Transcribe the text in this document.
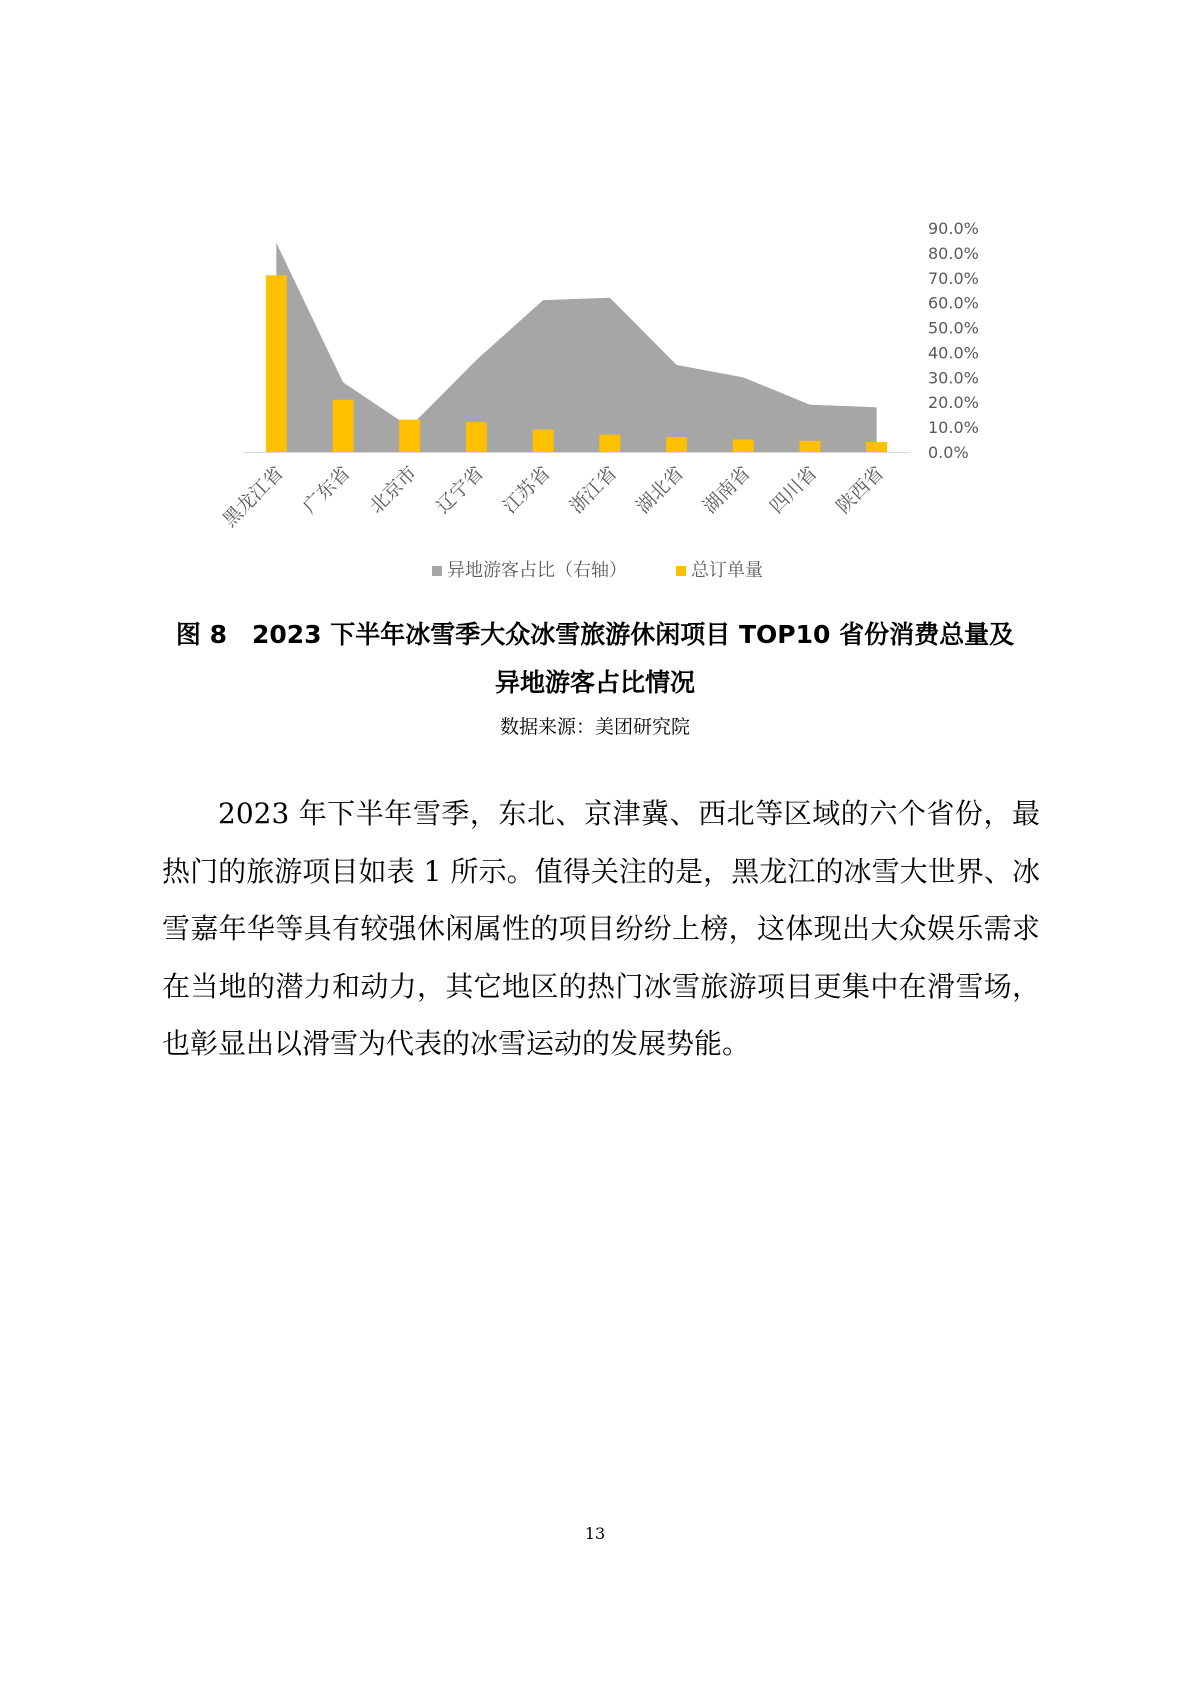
90.0%
80.0%
70.0%
60.0%
50.0%
40.0%
30.0%
20.0%
10.0%
0.0%
黑龙江省 广东省 北京市 辽宁省 江苏省 浙江省 湖北省 湖南省 四川省 陕西省
异地游客占比（右轴）	总订单量
图 8　2023 下半年冰雪季大众冰雪旅游休闲项目 TOP10 省份消费总量及
异地游客占比情况
数据来源：美团研究院

2023 年下半年雪季，东北、京津冀、西北等区域的六个省份，最热门的旅游项目如表 1 所示。值得关注的是，黑龙江的冰雪大世界、冰雪嘉年华等具有较强休闲属性的项目纷纷上榜，这体现出大众娱乐需求在当地的潜力和动力，其它地区的热门冰雪旅游项目更集中在滑雪场，也彰显出以滑雪为代表的冰雪运动的发展势能。

13
